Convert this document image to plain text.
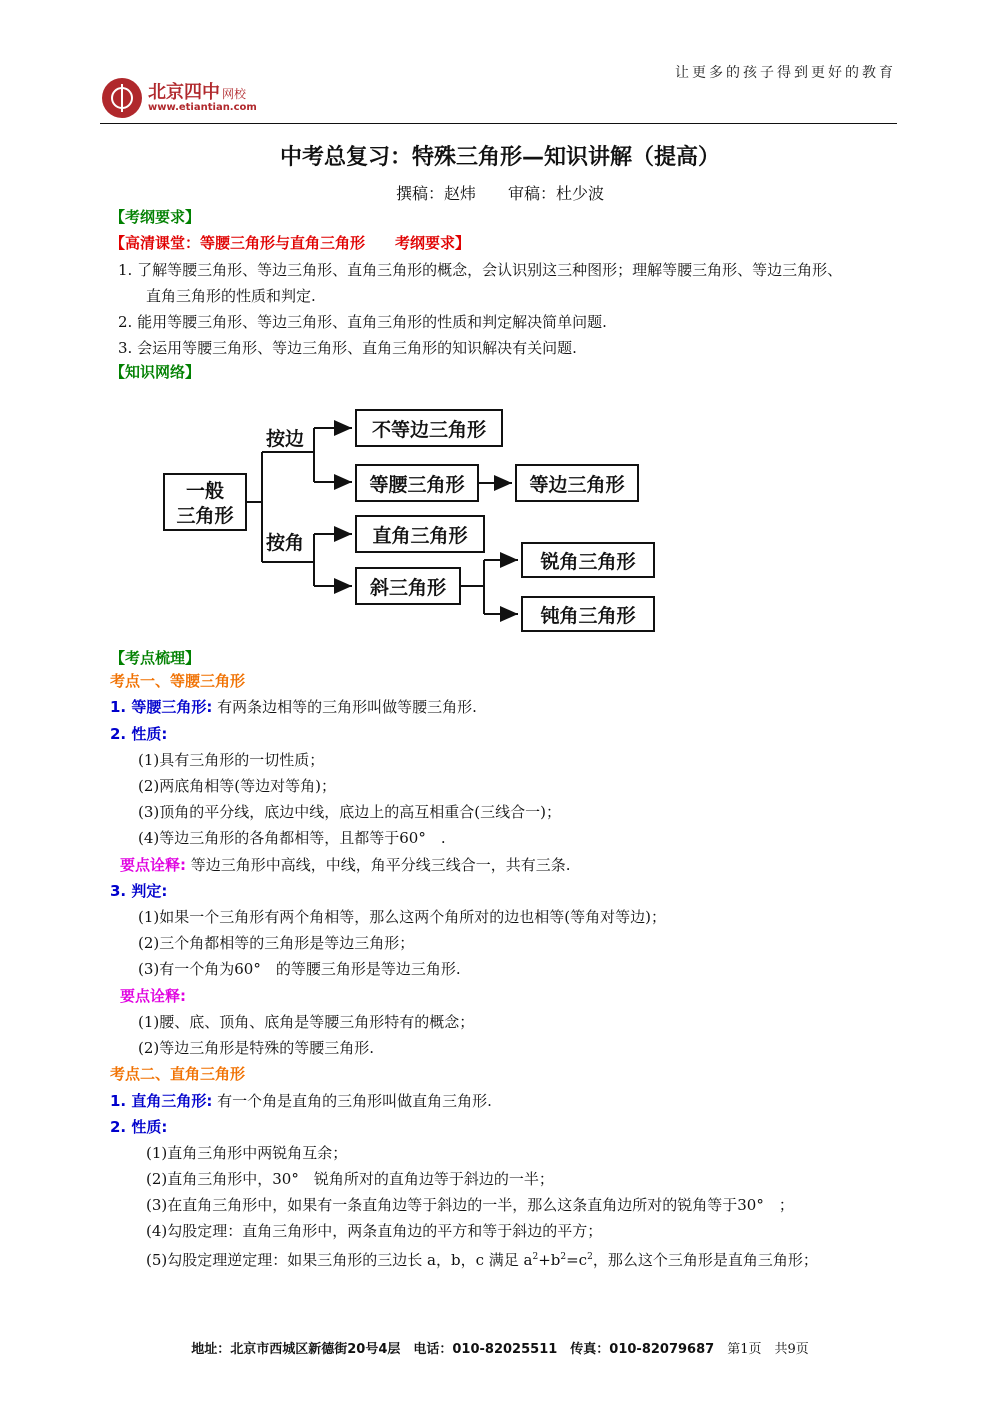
让更多的孩子得到更好的教育
北京四中 网校
www.etiantian.com
中考总复习：特殊三角形—知识讲解（提高）
撰稿：赵炜　　审稿：杜少波
【考纲要求】
【高清课堂：等腰三角形与直角三角形　　考纲要求】
1. 了解等腰三角形、等边三角形、直角三角形的概念，会认识别这三种图形；理解等腰三角形、等边三角形、
直角三角形的性质和判定.
2. 能用等腰三角形、等边三角形、直角三角形的性质和判定解决简单问题.
3. 会运用等腰三角形、等边三角形、直角三角形的知识解决有关问题.
【知识网络】
一般
三角形
按边
按角
不等边三角形
等腰三角形	等边三角形
直角三角形
斜三角形
锐角三角形
钝角三角形
【考点梳理】
考点一、等腰三角形
1. 等腰三角形: 有两条边相等的三角形叫做等腰三角形.
2. 性质:
(1)具有三角形的一切性质；
(2)两底角相等(等边对等角)；
(3)顶角的平分线，底边中线，底边上的高互相重合(三线合一)；
(4)等边三角形的各角都相等，且都等于60°　.
要点诠释: 等边三角形中高线，中线，角平分线三线合一，共有三条.
3. 判定:
(1)如果一个三角形有两个角相等，那么这两个角所对的边也相等(等角对等边)；
(2)三个角都相等的三角形是等边三角形；
(3)有一个角为60°　的等腰三角形是等边三角形.
要点诠释:
(1)腰、底、顶角、底角是等腰三角形特有的概念；
(2)等边三角形是特殊的等腰三角形.
考点二、直角三角形
1. 直角三角形: 有一个角是直角的三角形叫做直角三角形.
2. 性质:
(1)直角三角形中两锐角互余；
(2)直角三角形中，30°　锐角所对的直角边等于斜边的一半；
(3)在直角三角形中，如果有一条直角边等于斜边的一半，那么这条直角边所对的锐角等于30°　；
(4)勾股定理：直角三角形中，两条直角边的平方和等于斜边的平方；
(5)勾股定理逆定理：如果三角形的三边长 a，b，c 满足 $a^2+b^2=c^2$，那么这个三角形是直角三角形；
地址：北京市西城区新德街20号4层　电话：010-82025511　传真：010-82079687　第1页　共9页
